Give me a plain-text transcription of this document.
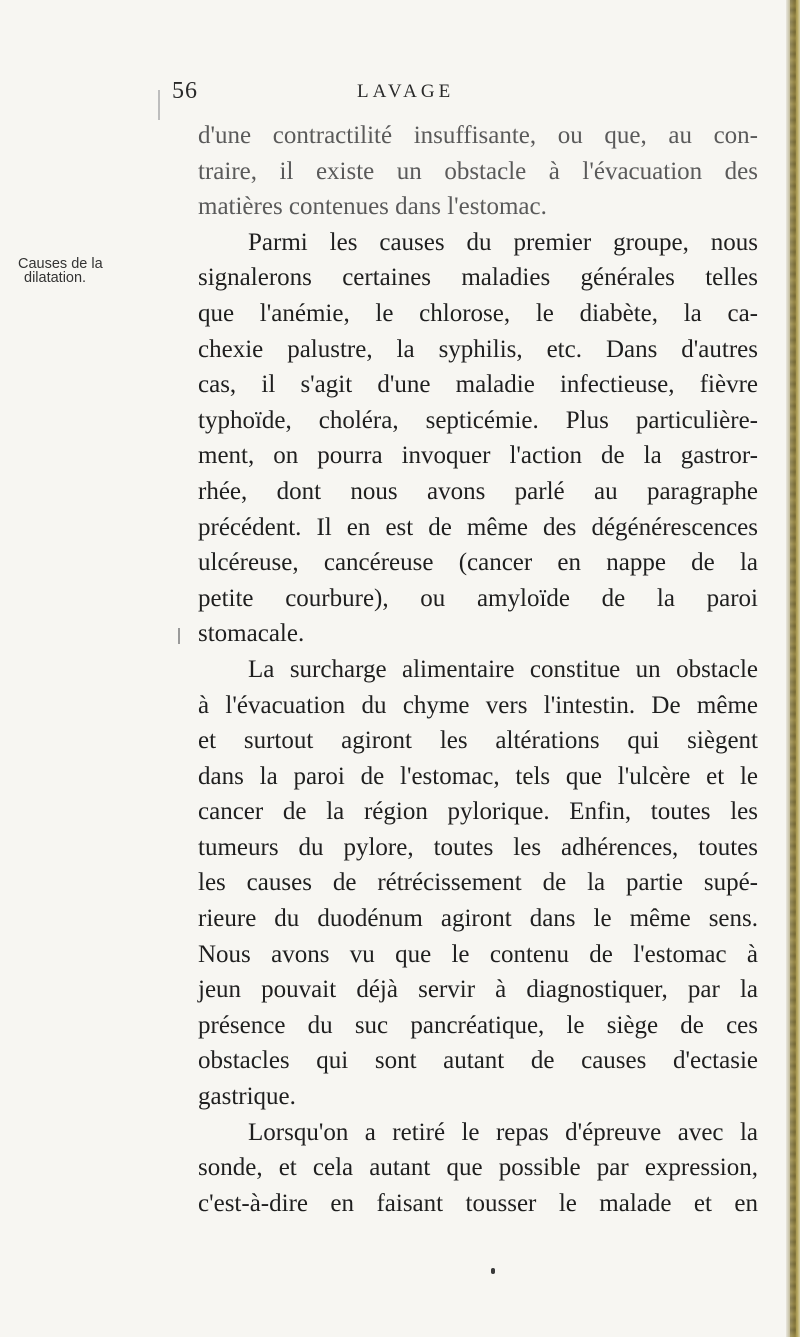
56	LAVAGE
Causes de la
dilatation.
d'une contractilité insuffisante, ou que, au con-
traire, il existe un obstacle à l'évacuation des
matières contenues dans l'estomac.
Parmi les causes du premier groupe, nous
signalerons certaines maladies générales telles
que l'anémie, le chlorose, le diabète, la ca-
chexie palustre, la syphilis, etc. Dans d'autres
cas, il s'agit d'une maladie infectieuse, fièvre
typhoïde, choléra, septicémie. Plus particulière-
ment, on pourra invoquer l'action de la gastror-
rhée, dont nous avons parlé au paragraphe
précédent. Il en est de même des dégénérescences
ulcéreuse, cancéreuse (cancer en nappe de la
petite courbure), ou amyloïde de la paroi
stomacale.
La surcharge alimentaire constitue un obstacle
à l'évacuation du chyme vers l'intestin. De même
et surtout agiront les altérations qui siègent
dans la paroi de l'estomac, tels que l'ulcère et le
cancer de la région pylorique. Enfin, toutes les
tumeurs du pylore, toutes les adhérences, toutes
les causes de rétrécissement de la partie supé-
rieure du duodénum agiront dans le même sens.
Nous avons vu que le contenu de l'estomac à
jeun pouvait déjà servir à diagnostiquer, par la
présence du suc pancréatique, le siège de ces
obstacles qui sont autant de causes d'ectasie
gastrique.
Lorsqu'on a retiré le repas d'épreuve avec la
sonde, et cela autant que possible par expression,
c'est-à-dire en faisant tousser le malade et en
